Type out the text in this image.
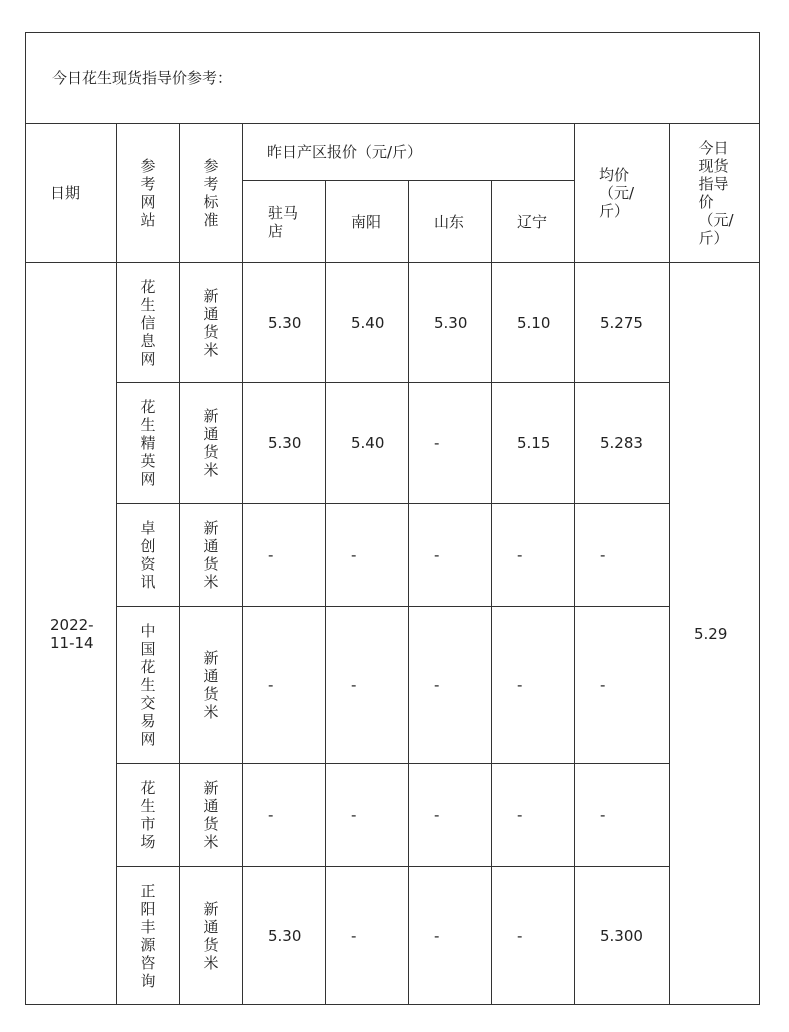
今日花生现货指导价参考：								
日期	参考网站	参考标准	昨日产区报价（元/斤）				均价（元/斤）	今日现货指导价（元/斤）

			驻马店	南阳	山东	辽宁		

2022-11-14	花生信息网	新通货米	5.30	5.40	5.30	5.10	5.275	5.29

	花生精英网	新通货米	5.30	5.40	-	5.15	5.283	

	卓创资讯	新通货米	-	-	-	-	-	

	中国花生交易网	新通货米	-	-	-	-	-	

	花生市场	新通货米	-	-	-	-	-	

	正阳丰源咨询	新通货米	5.30	-	-	-	5.300	
